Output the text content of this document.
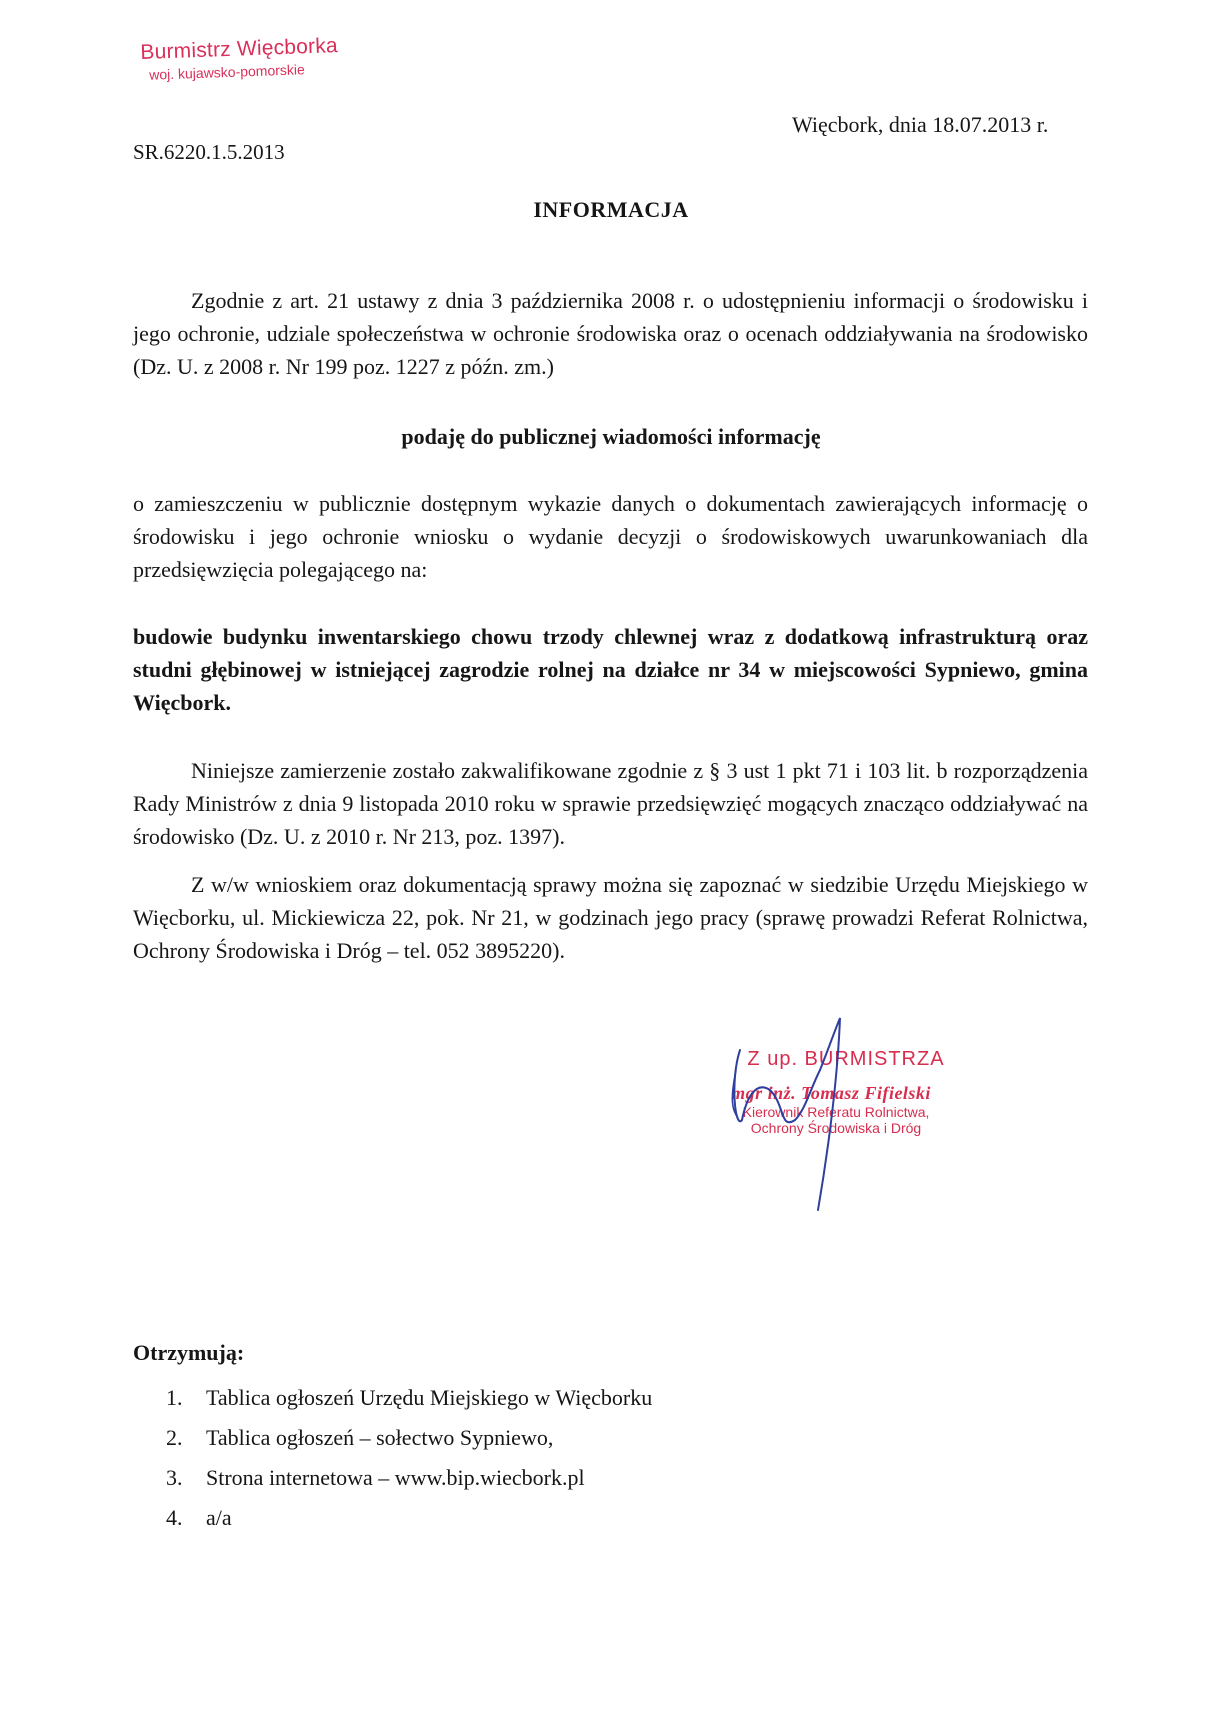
Burmistrz Więcborka
woj. kujawsko-pomorskie
SR.6220.1.5.2013
Więcbork, dnia 18.07.2013 r.
INFORMACJA
Zgodnie z art. 21 ustawy z dnia 3 października 2008 r. o udostępnieniu informacji o środowisku i jego ochronie, udziale społeczeństwa w ochronie środowiska oraz o ocenach oddziaływania na środowisko (Dz. U. z 2008 r. Nr 199 poz. 1227 z późn. zm.)
podaję do publicznej wiadomości informację
o zamieszczeniu w publicznie dostępnym wykazie danych o dokumentach zawierających informację o środowisku i jego ochronie wniosku o wydanie decyzji o środowiskowych uwarunkowaniach dla przedsięwzięcia polegającego na:
budowie budynku inwentarskiego chowu trzody chlewnej wraz z dodatkową infrastrukturą oraz studni głębinowej w istniejącej zagrodzie rolnej na działce nr 34 w miejscowości Sypniewo, gmina Więcbork.
Niniejsze zamierzenie zostało zakwalifikowane zgodnie z § 3 ust 1 pkt 71 i 103 lit. b rozporządzenia Rady Ministrów z dnia 9 listopada 2010 roku w sprawie przedsięwzięć mogących znacząco oddziaływać na środowisko (Dz. U. z 2010 r. Nr 213, poz. 1397).
Z w/w wnioskiem oraz dokumentacją sprawy można się zapoznać w siedzibie Urzędu Miejskiego w Więcborku, ul. Mickiewicza 22, pok. Nr 21, w godzinach jego pracy (sprawę prowadzi Referat Rolnictwa, Ochrony Środowiska i Dróg – tel. 052 3895220).
Z up. BURMISTRZA
mgr inż. Tomasz Fifielski
Kierownik Referatu Rolnictwa,
Ochrony Środowiska i Dróg
Otrzymują:
1. Tablica ogłoszeń Urzędu Miejskiego w Więcborku
2. Tablica ogłoszeń – sołectwo Sypniewo,
3. Strona internetowa – www.bip.wiecbork.pl
4. a/a
